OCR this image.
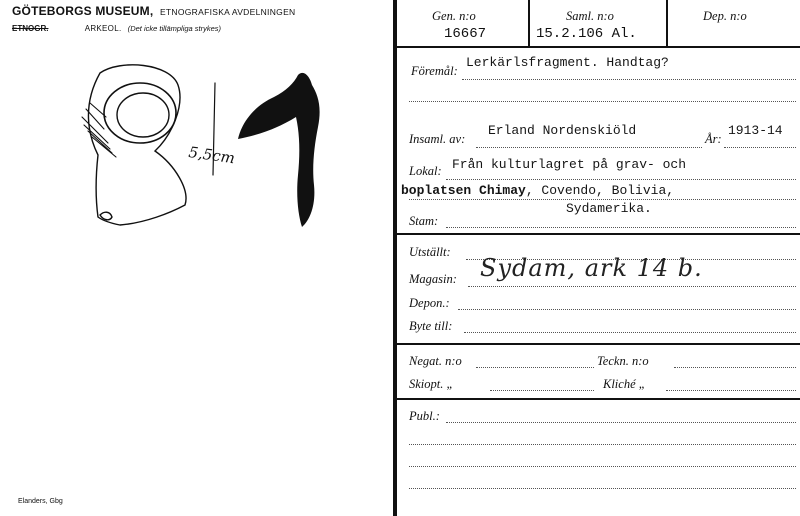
GÖTEBORGS MUSEUM, ETNOGRAFISKA AVDELNINGEN
ETNOGR.	ARKEOL. (Det icke tillämpliga strykes)
5,5cm
Elanders, Gbg
Gen. n:o
16667
Saml. n:o
15.2.106 Al.
Dep. n:o
Föremål:
Lerkärlsfragment. Handtag?
Insaml. av:
Erland Nordenskiöld
År:
1913-14
Lokal: Från kulturlagret på grav- och
boplatsen Chimay, Covendo, Bolivia,
Sydamerika.
Stam:
Utställt:
Magasin: Sydam, ark 14 b.
Depon.:
Byte till:
Negat. n:o	Teckn. n:o
Skiopt. „	Kliché „
Publ.:
